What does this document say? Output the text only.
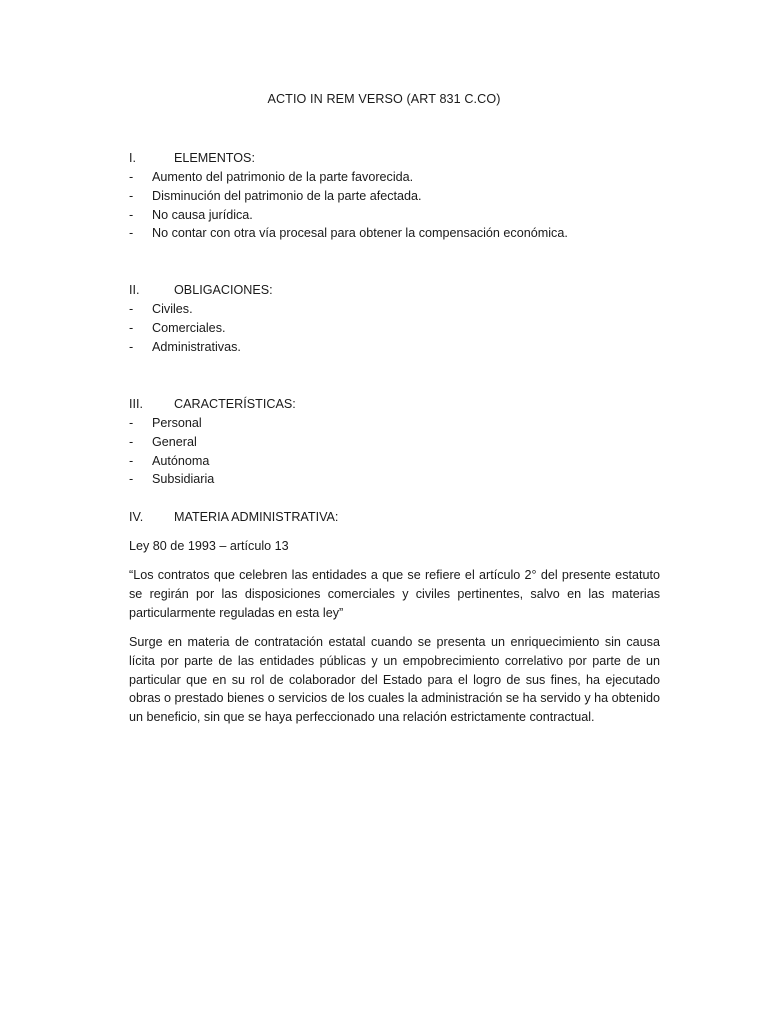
ACTIO IN REM VERSO (ART 831 C.CO)
I.	ELEMENTOS:
- Aumento del patrimonio de la parte favorecida.
- Disminución del patrimonio de la parte afectada.
- No causa jurídica.
- No contar con otra vía procesal para obtener la compensación económica.
II.	OBLIGACIONES:
- Civiles.
- Comerciales.
- Administrativas.
III. CARACTERÍSTICAS:
- Personal
- General
- Autónoma
- Subsidiaria
IV. MATERIA ADMINISTRATIVA:

Ley 80 de 1993 – artículo 13

“Los contratos que celebren las entidades a que se refiere el artículo 2° del presente estatuto se regirán por las disposiciones comerciales y civiles pertinentes, salvo en las materias particularmente reguladas en esta ley”

Surge en materia de contratación estatal cuando se presenta un enriquecimiento sin causa lícita por parte de las entidades públicas y un empobrecimiento correlativo por parte de un particular que en su rol de colaborador del Estado para el logro de sus fines, ha ejecutado obras o prestado bienes o servicios de los cuales la administración se ha servido y ha obtenido un beneficio, sin que se haya perfeccionado una relación estrictamente contractual.
